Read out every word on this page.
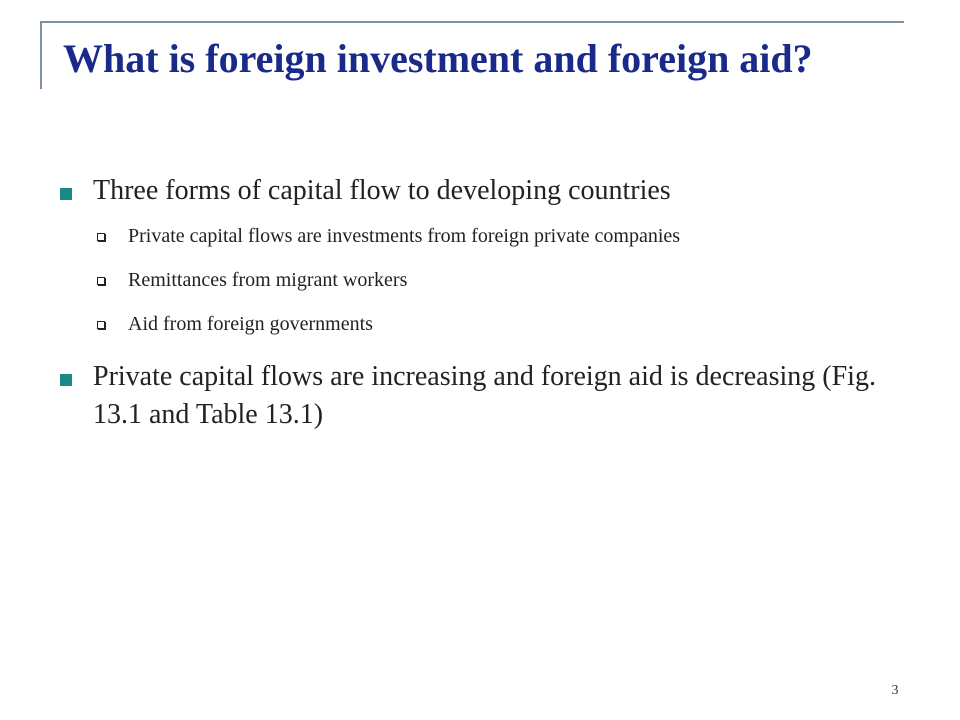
What is foreign investment and foreign aid?
Three forms of capital flow to developing countries
Private capital flows are investments from foreign private companies
Remittances from migrant workers
Aid from foreign governments
Private capital flows are increasing and foreign aid is decreasing (Fig. 13.1 and Table 13.1)
3
